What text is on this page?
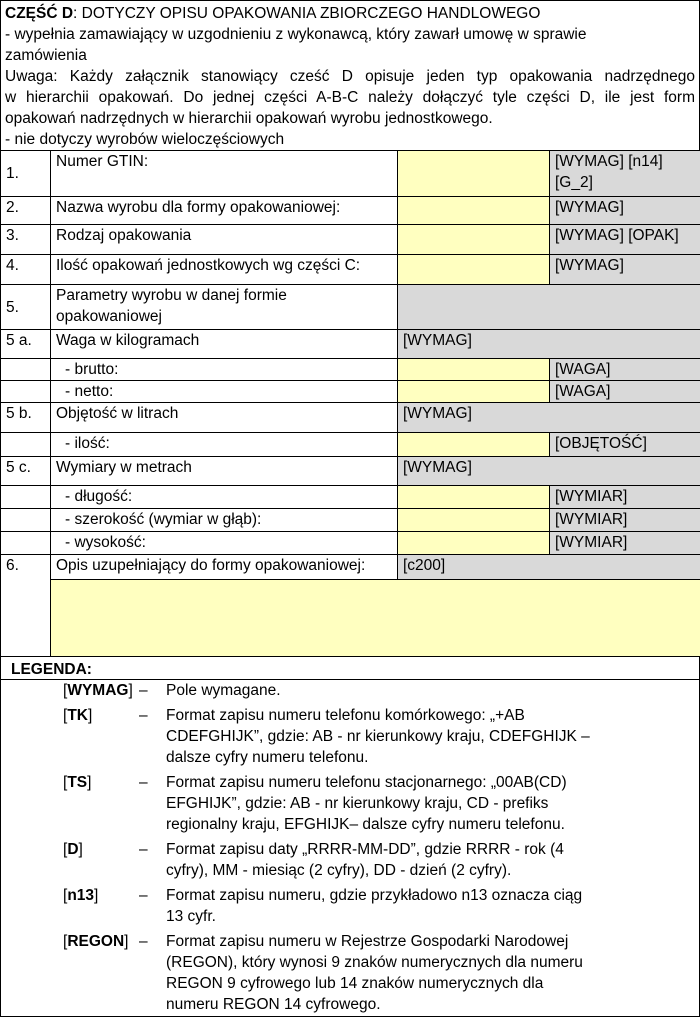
CZĘŚĆ D: DOTYCZY OPISU OPAKOWANIA ZBIORCZEGO HANDLOWEGO
- wypełnia zamawiający w uzgodnieniu z wykonawcą, który zawarł umowę w sprawie
zamówienia
Uwaga: Każdy załącznik stanowiący cześć D opisuje jeden typ opakowania nadrzędnego
w hierarchii opakowań. Do jednej części A-B-C należy dołączyć tyle części D, ile jest form
opakowań nadrzędnych w hierarchii opakowań wyrobu jednostkowego.
- nie dotyczy wyrobów wieloczęściowych
1.	Numer GTIN:		[WYMAG] [n14]
[G_2]

2.	Nazwa wyrobu dla formy opakowaniowej:		[WYMAG]
3.	Rodzaj opakowania		[WYMAG] [OPAK]
4.	Ilość opakowań jednostkowych wg części C:		[WYMAG]
5.	Parametry wyrobu w danej formie
opakowaniowej		

5 a.	Waga w kilogramach	[WYMAG]	
	- brutto:		[WAGA]
	- netto:		[WAGA]
5 b.	Objętość w litrach	[WYMAG]	
	- ilość:		[OBJĘTOŚĆ]
5 c.	Wymiary w metrach	[WYMAG]	
	- długość:		[WYMIAR]
	- szerokość (wymiar w głąb):		[WYMIAR]
	- wysokość:		[WYMIAR]
6.	Opis uzupełniający do formy opakowaniowej:	[c200]	

LEGENDA:
[WYMAG] –	Pole wymagane.
[TK]	–	Format zapisu numeru telefonu komórkowego: „+AB
CDEFGHIJK”, gdzie: AB - nr kierunkowy kraju, CDEFGHIJK –
dalsze cyfry numeru telefonu.
[TS]	–	Format zapisu numeru telefonu stacjonarnego: „00AB(CD)
EFGHIJK”, gdzie: AB - nr kierunkowy kraju, CD - prefiks
regionalny kraju, EFGHIJK– dalsze cyfry numeru telefonu.
[D]	–	Format zapisu daty „RRRR-MM-DD”, gdzie RRRR - rok (4
cyfry), MM - miesiąc (2 cyfry), DD - dzień (2 cyfry).
[n13]	–	Format zapisu numeru, gdzie przykładowo n13 oznacza ciąg
13 cyfr.
[REGON] –	Format zapisu numeru w Rejestrze Gospodarki Narodowej
(REGON), który wynosi 9 znaków numerycznych dla numeru
REGON 9 cyfrowego lub 14 znaków numerycznych dla
numeru REGON 14 cyfrowego.
